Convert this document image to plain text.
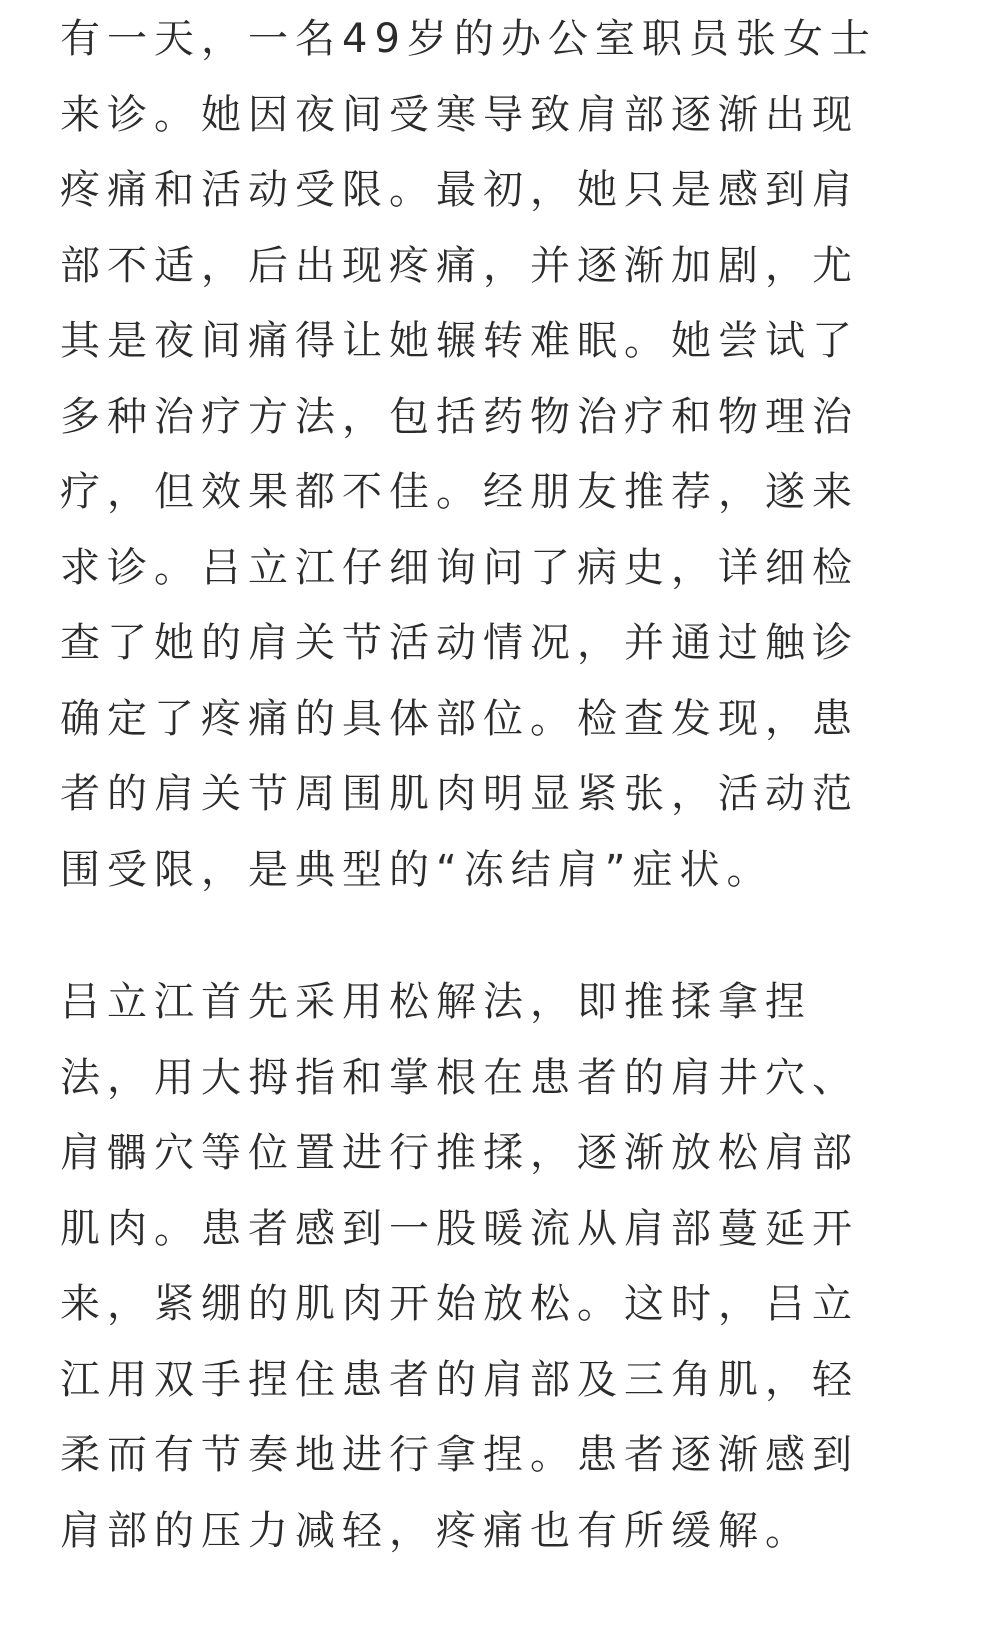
有一天，一名49岁的办公室职员张女士
来诊。她因夜间受寒导致肩部逐渐出现
疼痛和活动受限。最初，她只是感到肩
部不适，后出现疼痛，并逐渐加剧，尤
其是夜间痛得让她辗转难眠。她尝试了
多种治疗方法，包括药物治疗和物理治
疗，但效果都不佳。经朋友推荐，遂来
求诊。吕立江仔细询问了病史，详细检
查了她的肩关节活动情况，并通过触诊
确定了疼痛的具体部位。检查发现，患
者的肩关节周围肌肉明显紧张，活动范
围受限，是典型的“冻结肩”症状。
吕立江首先采用松解法，即推揉拿捏
法，用大拇指和掌根在患者的肩井穴、
肩髃穴等位置进行推揉，逐渐放松肩部
肌肉。患者感到一股暖流从肩部蔓延开
来，紧绷的肌肉开始放松。这时，吕立
江用双手捏住患者的肩部及三角肌，轻
柔而有节奏地进行拿捏。患者逐渐感到
肩部的压力减轻，疼痛也有所缓解。
